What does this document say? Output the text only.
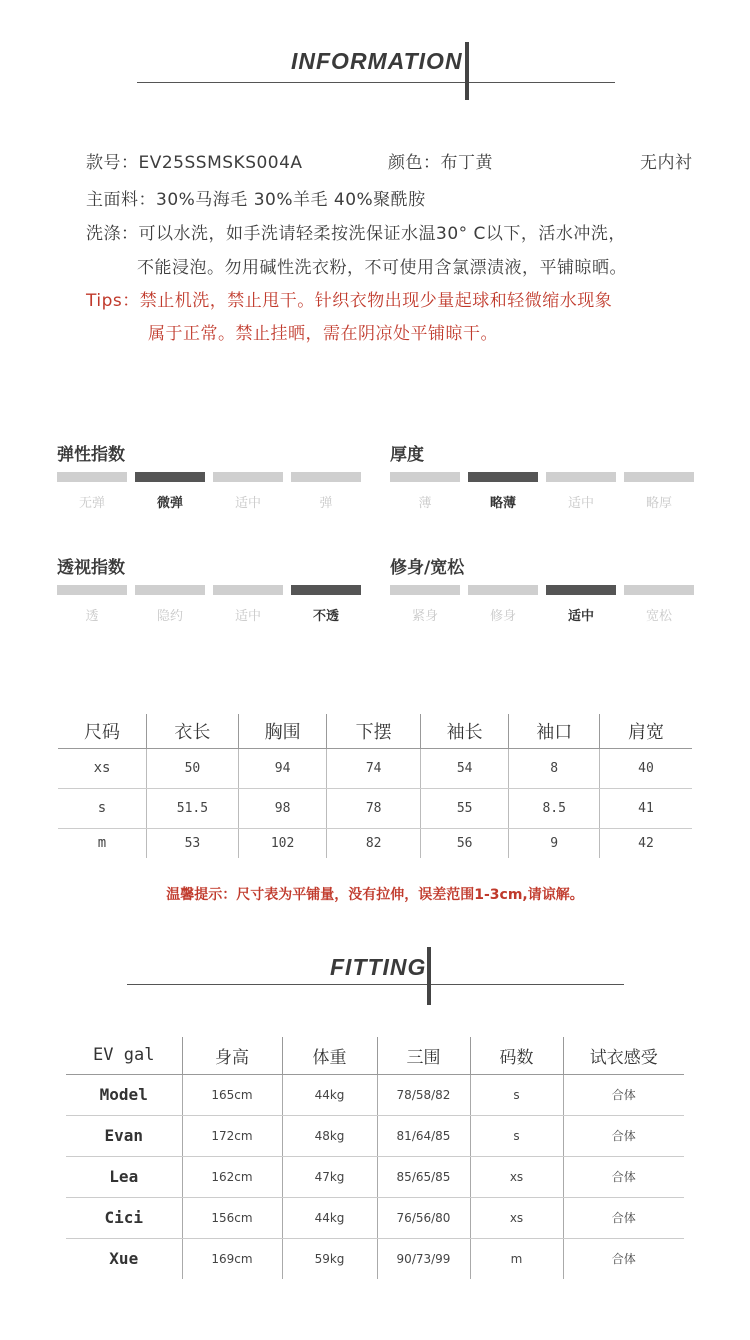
INFORMATION
款号：EV25SSMSKS004A	颜色：布丁黄	无内衬
主面料：30%马海毛 30%羊毛 40%聚酰胺
洗涤：可以水洗，如手洗请轻柔按洗保证水温30° C以下，活水冲洗，
不能浸泡。勿用碱性洗衣粉，不可使用含氯漂渍液，平铺晾晒。
Tips：禁止机洗，禁止甩干。针织衣物出现少量起球和轻微缩水现象
属于正常。禁止挂晒，需在阴凉处平铺晾干。
尺码	衣长	胸围	下摆	袖长	袖口	肩宽
xs	50	94	74	54	8	40
s	51.5	98	78	55	8.5	41
m	53	102	82	56	9	42
温馨提示：尺寸表为平铺量，没有拉伸，误差范围1-3cm,请谅解。
FITTING
EV gal	身高	体重	三围	码数	试衣感受
Model	165cm	44kg	78/58/82	s	合体
Evan	172cm	48kg	81/64/85	s	合体
Lea	162cm	47kg	85/65/85	xs	合体
Cici	156cm	44kg	76/56/80	xs	合体
Xue	169cm	59kg	90/73/99	m	合体
弹性指数
无弹	微弹	适中	弹
厚度
薄	略薄	适中	略厚
透视指数
透	隐约	适中	不透
修身/宽松
紧身	修身	适中	宽松
